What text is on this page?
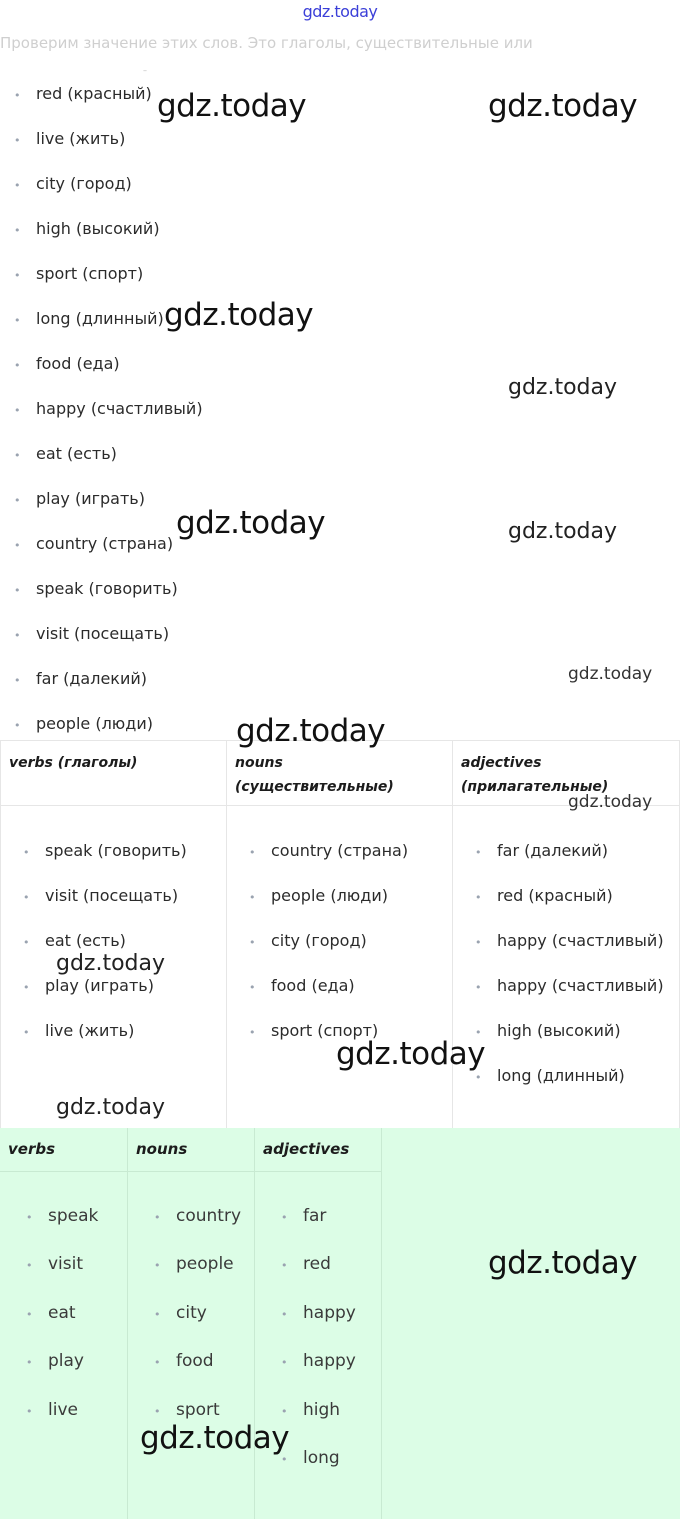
gdz.today
Проверим значение этих слов. Это глаголы, существительные или
–
• red (красный)
• live (жить)
• city (город)
• high (высокий)
• sport (спорт)
• long (длинный)
• food (еда)
• happy (счастливый)
• eat (есть)
• play (играть)
• country (страна)
• speak (говорить)
• visit (посещать)
• far (далекий)
• people (люди)
verbs (глаголы)
• speak (говорить)
• visit (посещать)
• eat (есть)
• play (играть)
• live (жить)
nouns (существительные)
• country (страна)
• people (люди)
• city (город)
• food (еда)
• sport (спорт)
adjectives (прилагательные)
• far (далекий)
• red (красный)
• happy (счастливый)
• happy (счастливый)
• high (высокий)
• long (длинный)
verbs
• speak
• visit
• eat
• play
• live
nouns
• country
• people
• city
• food
• sport
adjectives
• far
• red
• happy
• happy
• high
• long
gdz.today	gdz.today
gdz.today
gdz.today
gdz.today	gdz.today
gdz.today
gdz.today
gdz.today
gdz.today
gdz.today
gdz.today
gdz.today
gdz.today
